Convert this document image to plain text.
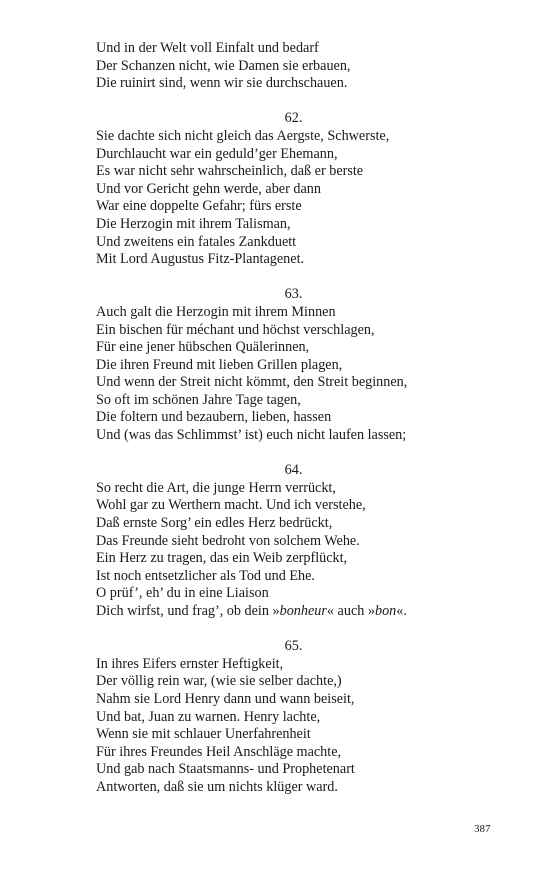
Und in der Welt voll Einfalt und bedarf
Der Schanzen nicht, wie Damen sie erbauen,
Die ruinirt sind, wenn wir sie durchschauen.
62.
Sie dachte sich nicht gleich das Aergste, Schwerste,
Durchlaucht war ein geduld’ger Ehemann,
Es war nicht sehr wahrscheinlich, daß er berste
Und vor Gericht gehn werde, aber dann
War eine doppelte Gefahr; fürs erste
Die Herzogin mit ihrem Talisman,
Und zweitens ein fatales Zankduett
Mit Lord Augustus Fitz-Plantagenet.
63.
Auch galt die Herzogin mit ihrem Minnen
Ein bischen für méchant und höchst verschlagen,
Für eine jener hübschen Quälerinnen,
Die ihren Freund mit lieben Grillen plagen,
Und wenn der Streit nicht kömmt, den Streit beginnen,
So oft im schönen Jahre Tage tagen,
Die foltern und bezaubern, lieben, hassen
Und (was das Schlimmst’ ist) euch nicht laufen lassen;
64.
So recht die Art, die junge Herrn verrückt,
Wohl gar zu Werthern macht. Und ich verstehe,
Daß ernste Sorg’ ein edles Herz bedrückt,
Das Freunde sieht bedroht von solchem Wehe.
Ein Herz zu tragen, das ein Weib zerpflückt,
Ist noch entsetzlicher als Tod und Ehe.
O prüf’, eh’ du in eine Liaison
Dich wirfst, und frag’, ob dein »bonheur« auch »bon«.
65.
In ihres Eifers ernster Heftigkeit,
Der völlig rein war, (wie sie selber dachte,)
Nahm sie Lord Henry dann und wann beiseit,
Und bat, Juan zu warnen. Henry lachte,
Wenn sie mit schlauer Unerfahrenheit
Für ihres Freundes Heil Anschläge machte,
Und gab nach Staatsmanns- und Prophetenart
Antworten, daß sie um nichts klüger ward.
387
